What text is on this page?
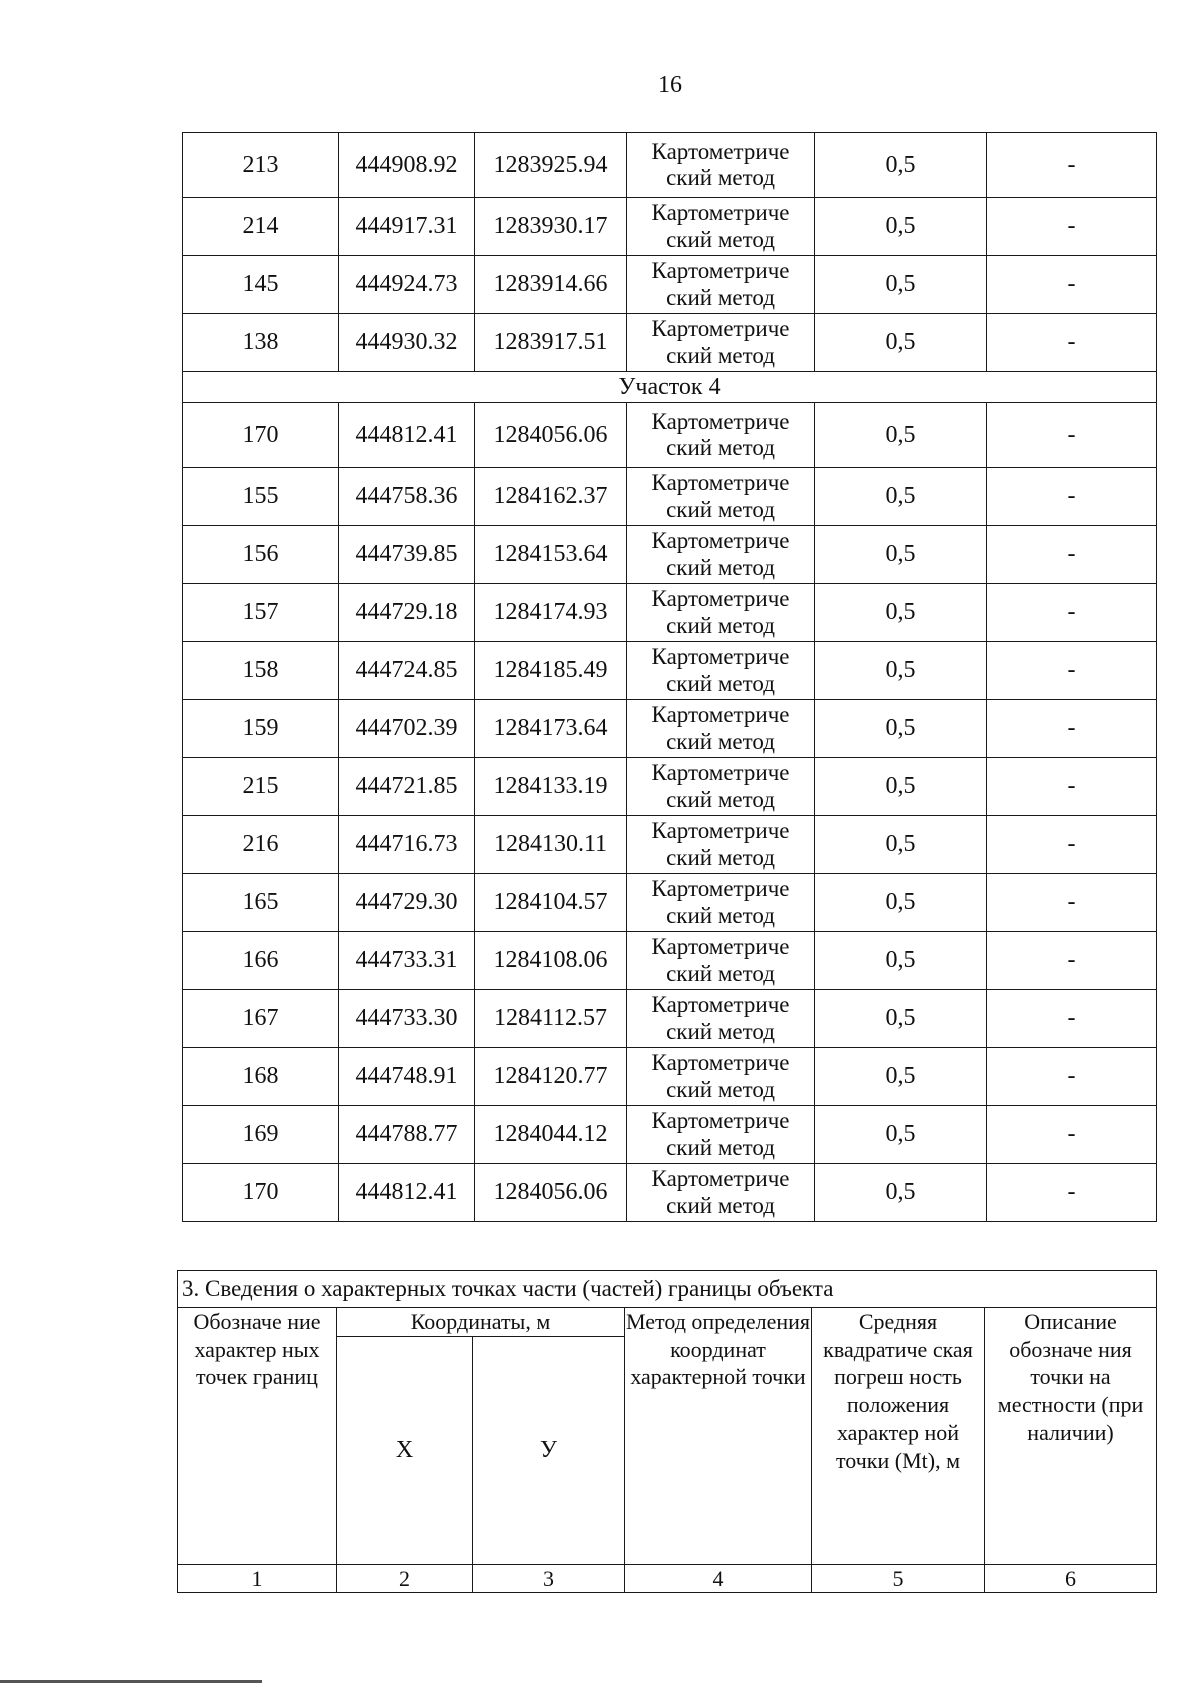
16
213	444908.92	1283925.94	Картометриче ский метод	0,5	-
214	444917.31	1283930.17	Картометриче ский метод	0,5	-
145	444924.73	1283914.66	Картометриче ский метод	0,5	-
138	444930.32	1283917.51	Картометриче ский метод	0,5	-
Участок 4					
170	444812.41	1284056.06	Картометриче ский метод	0,5	-
155	444758.36	1284162.37	Картометриче ский метод	0,5	-
156	444739.85	1284153.64	Картометриче ский метод	0,5	-
157	444729.18	1284174.93	Картометриче ский метод	0,5	-
158	444724.85	1284185.49	Картометриче ский метод	0,5	-
159	444702.39	1284173.64	Картометриче ский метод	0,5	-
215	444721.85	1284133.19	Картометриче ский метод	0,5	-
216	444716.73	1284130.11	Картометриче ский метод	0,5	-
165	444729.30	1284104.57	Картометриче ский метод	0,5	-
166	444733.31	1284108.06	Картометриче ский метод	0,5	-
167	444733.30	1284112.57	Картометриче ский метод	0,5	-
168	444748.91	1284120.77	Картометриче ский метод	0,5	-
169	444788.77	1284044.12	Картометриче ский метод	0,5	-
170	444812.41	1284056.06	Картометриче ский метод	0,5	-
3. Сведения о характерных точках части (частей) границы объекта					
Обозначе ние характер ных точек границ	Координаты, м		Метод определения координат характерной точки	Средняя квадратиче ская погреш ность положения характер ной точки (Mt), м	Описание обозначе ния точки на местности (при наличии)
	Х	У			
1	2	3	4	5	6
